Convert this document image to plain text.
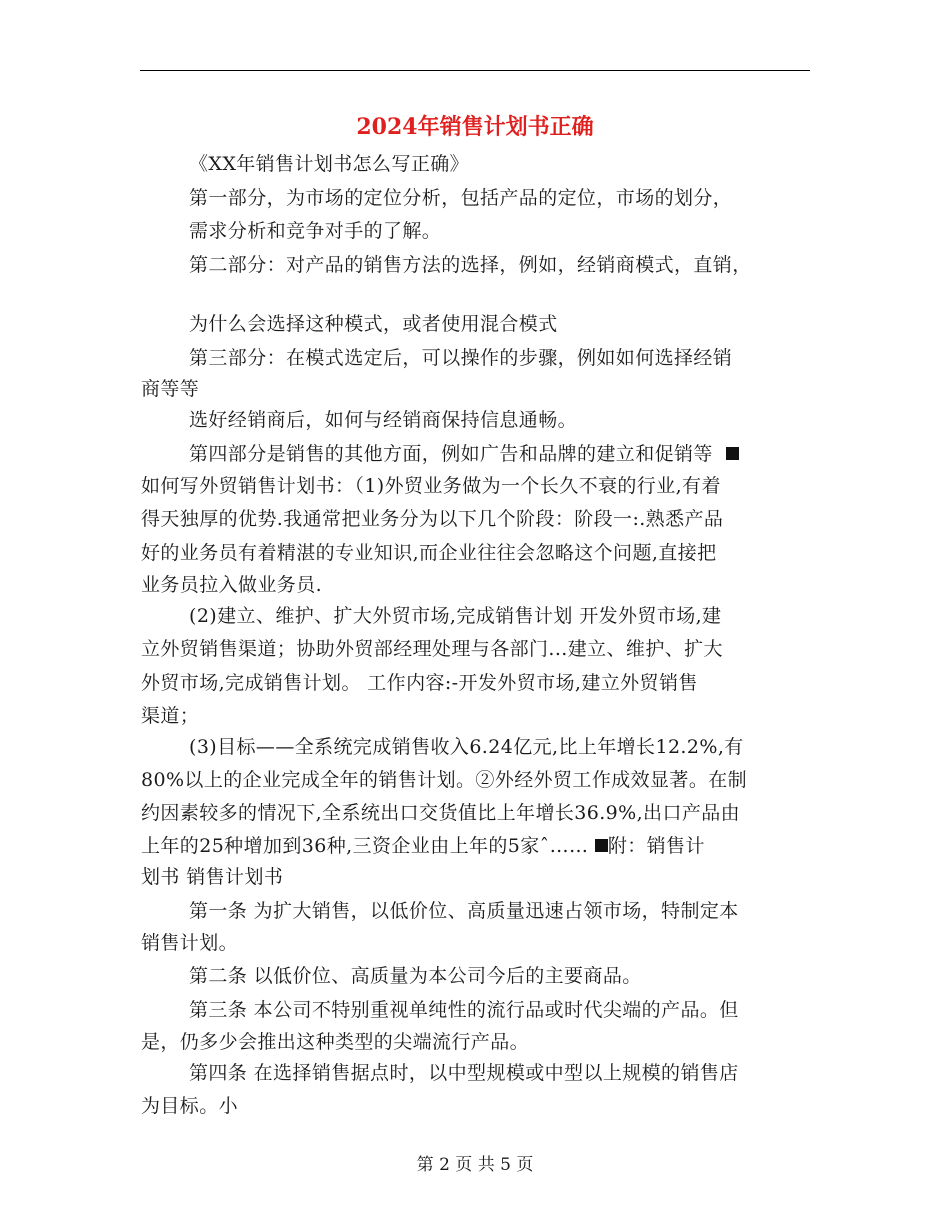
2024年销售计划书正确
《XX年销售计划书怎么写正确》
第一部分，为市场的定位分析，包括产品的定位，市场的划分，
需求分析和竞争对手的了解。
第二部分：对产品的销售方法的选择，例如，经销商模式，直销，
为什么会选择这种模式，或者使用混合模式
第三部分：在模式选定后，可以操作的步骤，例如如何选择经销
商等等
选好经销商后，如何与经销商保持信息通畅。
第四部分是销售的其他方面，例如广告和品牌的建立和促销等
如何写外贸销售计划书：（1)外贸业务做为一个长久不衰的行业,有着
得天独厚的优势.我通常把业务分为以下几个阶段：阶段一:.熟悉产品
好的业务员有着精湛的专业知识,而企业往往会忽略这个问题,直接把
业务员拉入做业务员.
(2)建立、维护、扩大外贸市场,完成销售计划 开发外贸市场,建
立外贸销售渠道；协助外贸部经理处理与各部门...建立、维护、扩大
外贸市场,完成销售计划。 工作内容:-开发外贸市场,建立外贸销售
渠道；
(3)目标——全系统完成销售收入6.24亿元,比上年增长12.2%,有
80%以上的企业完成全年的销售计划。②外经外贸工作成效显著。在制
约因素较多的情况下,全系统出口交货值比上年增长36.9%,出口产品由
上年的25种增加到36种,三资企业由上年的5家ˆ…… 附：销售计
划书 销售计划书
第一条 为扩大销售，以低价位、高质量迅速占领市场，特制定本
销售计划。
第二条 以低价位、高质量为本公司今后的主要商品。
第三条 本公司不特别重视单纯性的流行品或时代尖端的产品。但
是，仍多少会推出这种类型的尖端流行产品。
第四条 在选择销售据点时，以中型规模或中型以上规模的销售店
为目标。小
第 2 页 共 5 页
